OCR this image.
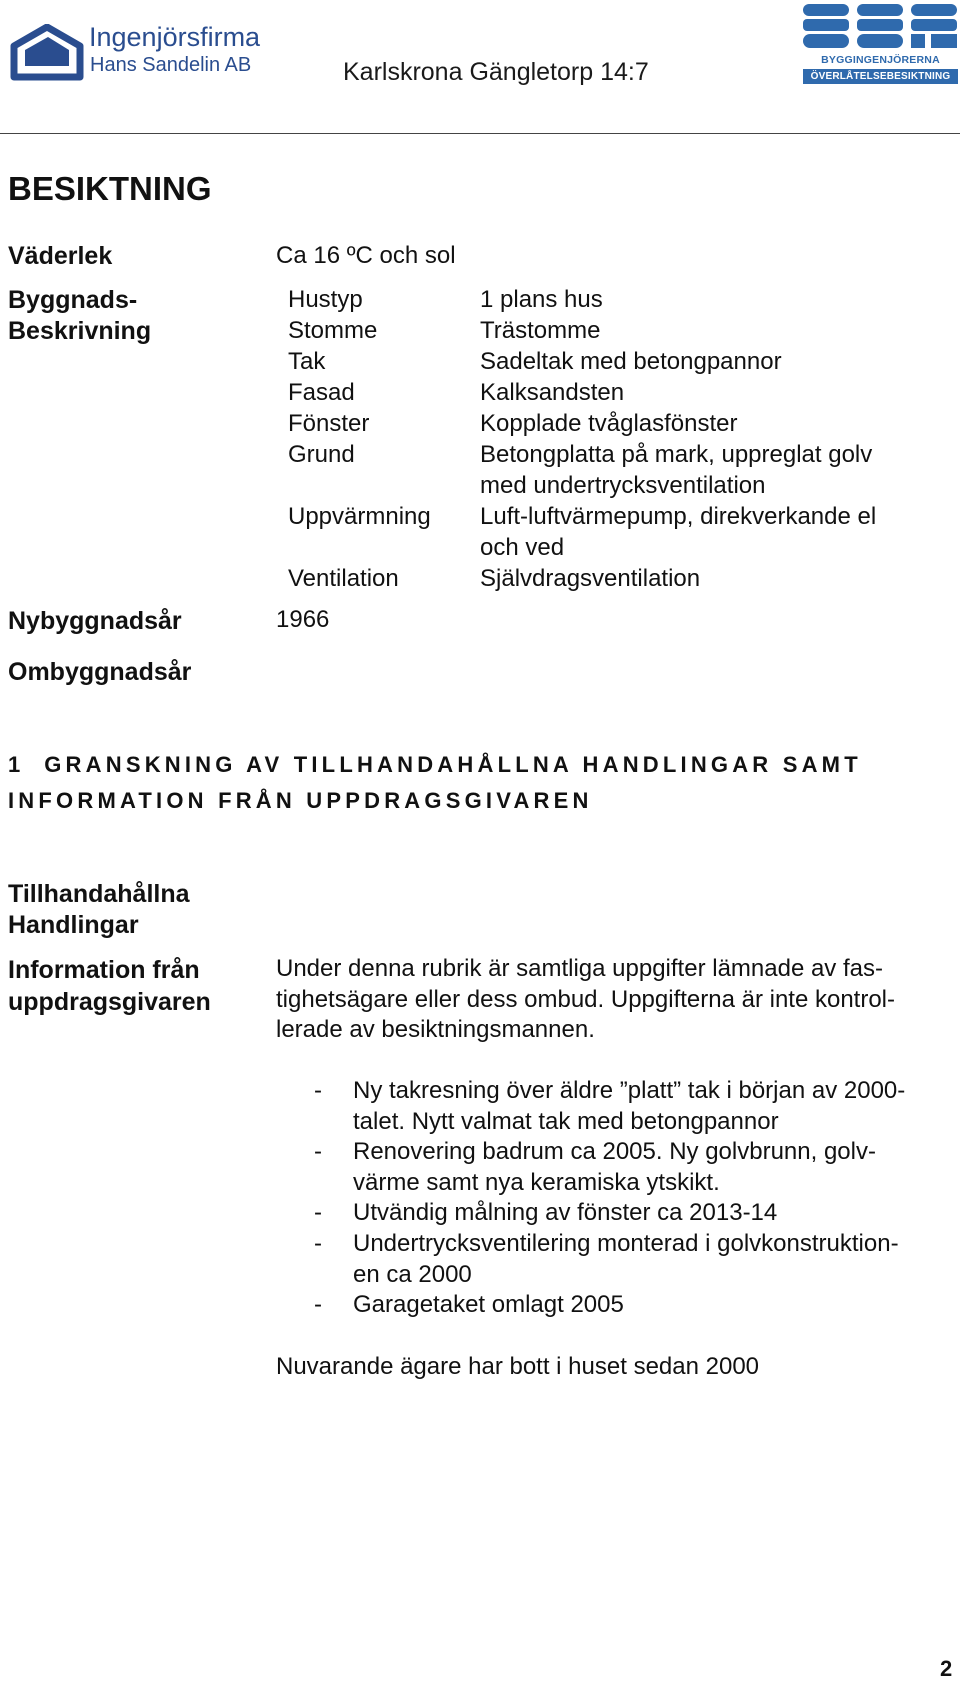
Ingenjörsfirma
Hans Sandelin AB	Karlskrona Gängletorp 14:7	BYGGINGENJÖRERNA
ÖVERLÅTELSEBESIKTNING
BESIKTNING
Väderlek	Ca 16 ºC och sol
Byggnads-
Beskrivning
Hustyp	1 plans hus
Stomme	Trästomme
Tak	Sadeltak med betongpannor
Fasad	Kalksandsten
Fönster	Kopplade tvåglasfönster
Grund	Betongplatta på mark, uppreglat golv
med undertrycksventilation
Uppvärmning Luft-luftvärmepump, direkverkande el
och ved
Ventilation	Självdragsventilation
Nybyggnadsår	1966
Ombyggnadsår
1 GRANSKNING AV TILLHANDAHÅLLNA HANDLINGAR SAMT INFORMATION FRÅN UPPDRAGSGIVAREN
Tillhandahållna
Handlingar
Information från
uppdragsgivaren
Under denna rubrik är samtliga uppgifter lämnade av fas-
tighetsägare eller dess ombud. Uppgifterna är inte kontrol-
lerade av besiktningsmannen.
- Ny takresning över äldre ”platt” tak i början av 2000-
talet. Nytt valmat tak med betongpannor
- Renovering badrum ca 2005. Ny golvbrunn, golv-
värme samt nya keramiska ytskikt.
- Utvändig målning av fönster ca 2013-14
- Undertrycksventilering monterad i golvkonstruktion-
en ca 2000
- Garagetaket omlagt 2005
Nuvarande ägare har bott i huset sedan 2000
2
